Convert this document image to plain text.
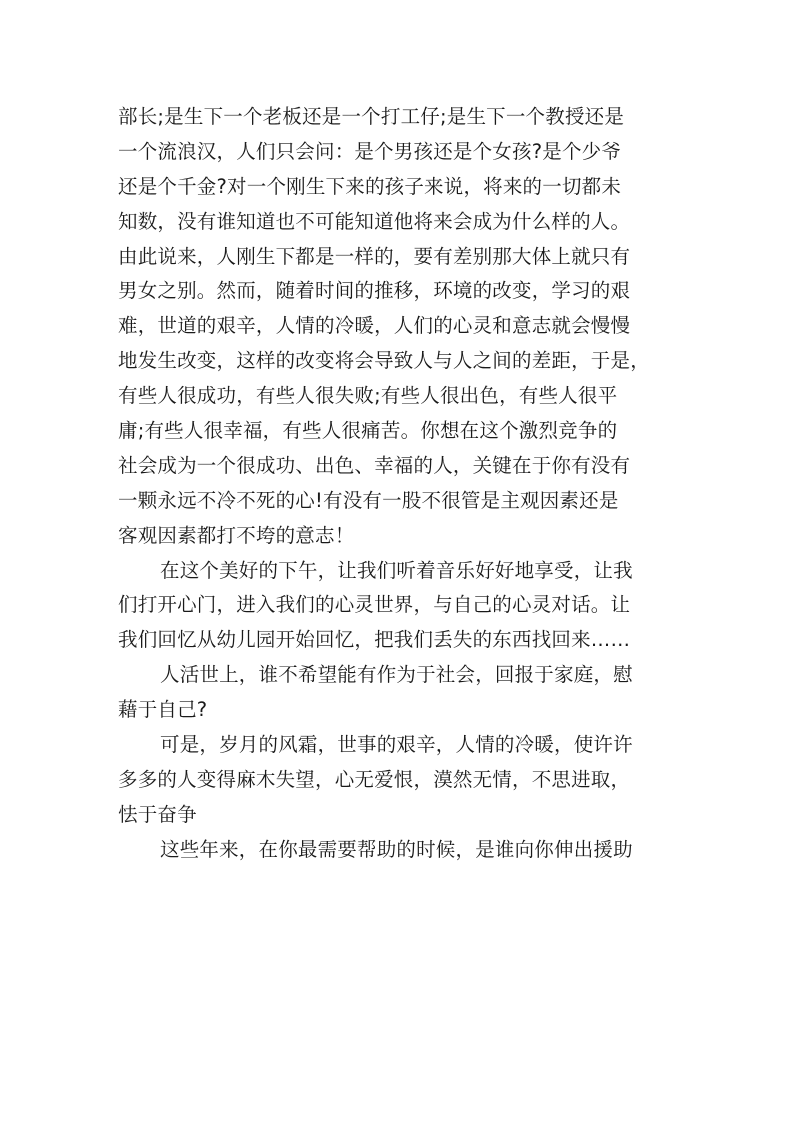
部长;是生下一个老板还是一个打工仔;是生下一个教授还是
一个流浪汉，人们只会问：是个男孩还是个女孩?是个少爷
还是个千金?对一个刚生下来的孩子来说，将来的一切都未
知数，没有谁知道也不可能知道他将来会成为什么样的人。
由此说来，人刚生下都是一样的，要有差别那大体上就只有
男女之别。然而，随着时间的推移，环境的改变，学习的艰
难，世道的艰辛，人情的冷暖，人们的心灵和意志就会慢慢
地发生改变，这样的改变将会导致人与人之间的差距，于是，
有些人很成功，有些人很失败;有些人很出色，有些人很平
庸;有些人很幸福，有些人很痛苦。你想在这个激烈竞争的
社会成为一个很成功、出色、幸福的人，关键在于你有没有
一颗永远不冷不死的心!有没有一股不很管是主观因素还是
客观因素都打不垮的意志！
在这个美好的下午，让我们听着音乐好好地享受，让我
们打开心门，进入我们的心灵世界，与自己的心灵对话。让
我们回忆从幼儿园开始回忆，把我们丢失的东西找回来……
人活世上，谁不希望能有作为于社会，回报于家庭，慰
藉于自己?
可是，岁月的风霜，世事的艰辛，人情的冷暖，使许许
多多的人变得麻木失望，心无爱恨，漠然无情，不思进取，
怯于奋争
这些年来，在你最需要帮助的时候，是谁向你伸出援助
